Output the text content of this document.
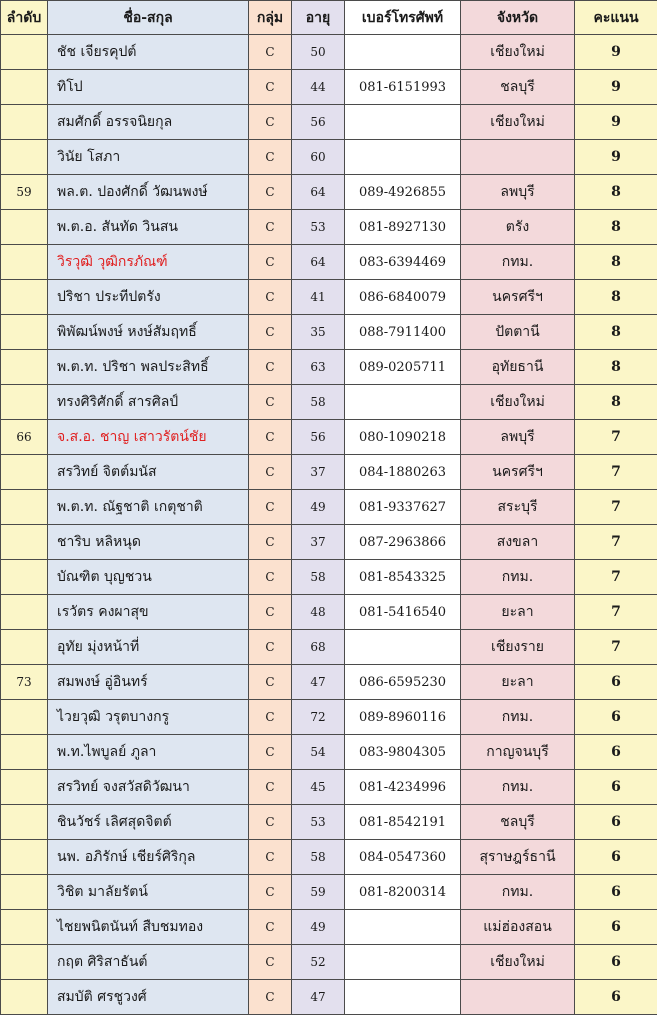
ลำดับ	ชื่อ-สกุล	กลุ่ม	อายุ	เบอร์โทรศัพท์	จังหวัด	คะแนน
	ชัช เจียรคุปต์	C	50		เชียงใหม่	9
	ทิโป	C	44	081-6151993	ชลบุรี	9
	สมศักดิ์ อรรจนิยกุล	C	56		เชียงใหม่	9
	วินัย โสภา	C	60			9
59	พล.ต. ปองศักดิ์ วัฒนพงษ์	C	64	089-4926855	ลพบุรี	8
	พ.ต.อ. สันทัด วินสน	C	53	081-8927130	ตรัง	8
	วิรวุฒิ วุฒิกรภัณฑ์	C	64	083-6394469	กทม.	8
	ปริชา ประทีปตรัง	C	41	086-6840079	นครศรีฯ	8
	พิพัฒน์พงษ์ หงษ์สัมฤทธิ์	C	35	088-7911400	ปัตตานี	8
	พ.ต.ท. ปริชา พลประสิทธิ์	C	63	089-0205711	อุทัยธานี	8
	ทรงศิริศักดิ์ สารศิลป์	C	58		เชียงใหม่	8
66	จ.ส.อ. ชาญ เสาวรัตน์ชัย	C	56	080-1090218	ลพบุรี	7
	สรวิทย์ จิตต์มนัส	C	37	084-1880263	นครศรีฯ	7
	พ.ต.ท. ณัฐชาติ เกตุชาติ	C	49	081-9337627	สระบุรี	7
	ชาริบ หลิหนุด	C	37	087-2963866	สงขลา	7
	บัณฑิต บุญชวน	C	58	081-8543325	กทม.	7
	เรวัตร คงผาสุข	C	48	081-5416540	ยะลา	7
	อุทัย มุ่งหน้าที่	C	68		เชียงราย	7
73	สมพงษ์ อู่อินทร์	C	47	086-6595230	ยะลา	6
	ไวยวุฒิ วรุตบางกรู	C	72	089-8960116	กทม.	6
	พ.ท.ไพบูลย์ ภูลา	C	54	083-9804305	กาญจนบุรี	6
	สรวิทย์ จงสวัสดิวัฒนา	C	45	081-4234996	กทม.	6
	ชินวัชร์ เลิศสุดจิตต์	C	53	081-8542191	ชลบุรี	6
	นพ. อภิรักษ์ เชียร์ศิริกุล	C	58	084-0547360	สุราษฎร์ธานี	6
	วิชิต มาลัยรัตน์	C	59	081-8200314	กทม.	6
	ไชยพนิตนันท์ สืบชมทอง	C	49		แม่ฮ่องสอน	6
	กฤต ศิริสาธันต์	C	52		เชียงใหม่	6
	สมบัติ ศรชูวงศ์	C	47			6
